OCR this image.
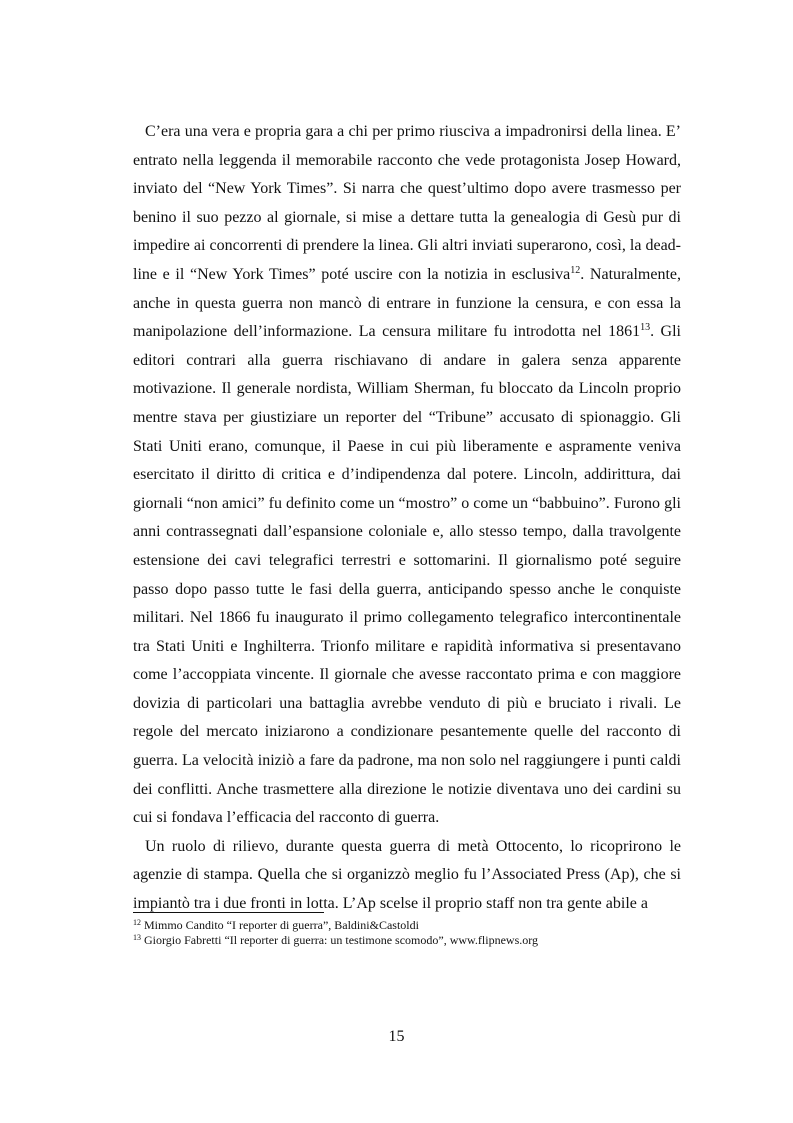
C’era una vera e propria gara a chi per primo riusciva a impadronirsi della linea. E’ entrato nella leggenda il memorabile racconto che vede protagonista Josep Howard, inviato del “New York Times”. Si narra che quest’ultimo dopo avere trasmesso per benino il suo pezzo al giornale, si mise a dettare tutta la genealogia di Gesù pur di impedire ai concorrenti di prendere la linea. Gli altri inviati superarono, così, la dead-line e il “New York Times” poté uscire con la notizia in esclusiva$^{12}$. Naturalmente, anche in questa guerra non mancò di entrare in funzione la censura, e con essa la manipolazione dell’informazione. La censura militare fu introdotta nel 1861$^{13}$. Gli editori contrari alla guerra rischiavano di andare in galera senza apparente motivazione. Il generale nordista, William Sherman, fu bloccato da Lincoln proprio mentre stava per giustiziare un reporter del “Tribune” accusato di spionaggio. Gli Stati Uniti erano, comunque, il Paese in cui più liberamente e aspramente veniva esercitato il diritto di critica e d’indipendenza dal potere. Lincoln, addirittura, dai giornali “non amici” fu definito come un “mostro” o come un “babbuino”. Furono gli anni contrassegnati dall’espansione coloniale e, allo stesso tempo, dalla travolgente estensione dei cavi telegrafici terrestri e sottomarini. Il giornalismo poté seguire passo dopo passo tutte le fasi della guerra, anticipando spesso anche le conquiste militari. Nel 1866 fu inaugurato il primo collegamento telegrafico intercontinentale tra Stati Uniti e Inghilterra. Trionfo militare e rapidità informativa si presentavano come l’accoppiata vincente. Il giornale che avesse raccontato prima e con maggiore dovizia di particolari una battaglia avrebbe venduto di più e bruciato i rivali. Le regole del mercato iniziarono a condizionare pesantemente quelle del racconto di guerra. La velocità iniziò a fare da padrone, ma non solo nel raggiungere i punti caldi dei conflitti. Anche trasmettere alla direzione le notizie diventava uno dei cardini su cui si fondava l’efficacia del racconto di guerra.

Un ruolo di rilievo, durante questa guerra di metà Ottocento, lo ricoprirono le agenzie di stampa. Quella che si organizzò meglio fu l’Associated Press (Ap), che si impiantò tra i due fronti in lotta. L’Ap scelse il proprio staff non tra gente abile a

$^{12}$ Mimmo Candito “I reporter di guerra”, Baldini&Castoldi

$^{13}$ Giorgio Fabretti “Il reporter di guerra: un testimone scomodo”, www.flipnews.org

15
